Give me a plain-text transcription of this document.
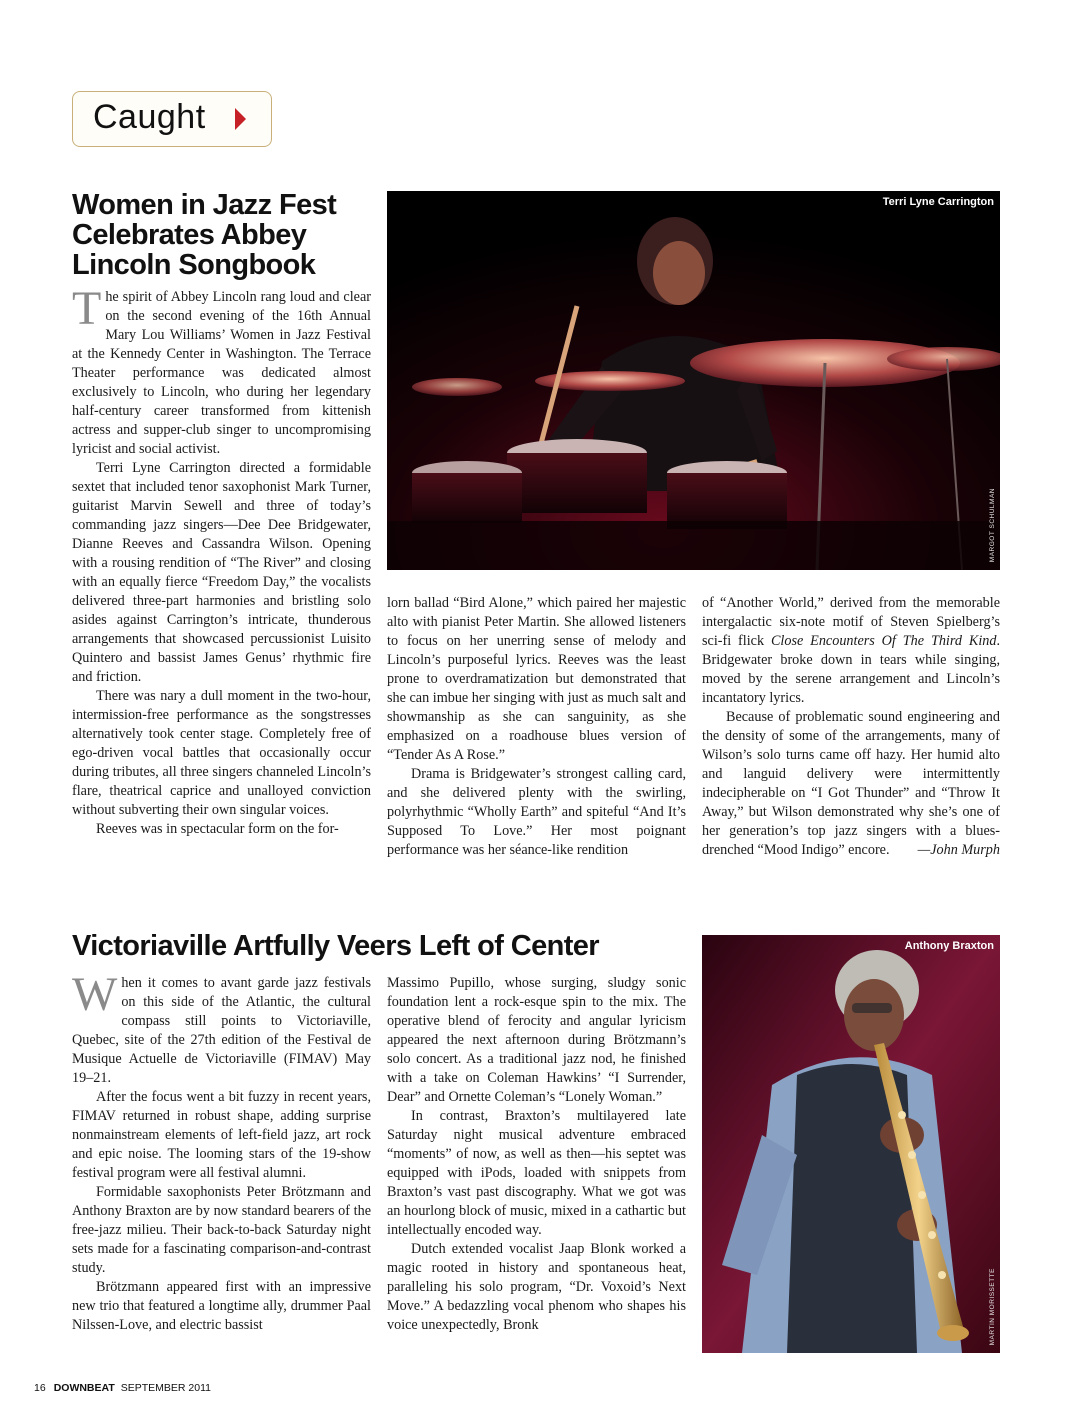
Caught
Women in Jazz Fest Celebrates Abbey Lincoln Songbook
Terri Lyne Carrington
MARGOT SCHULMAN

The spirit of Abbey Lincoln rang loud and clear on the second evening of the 16th Annual Mary Lou Williams’ Women in Jazz Festival at the Kennedy Center in Washington. The Terrace Theater performance was dedicated almost exclusively to Lincoln, who during her legendary half-century career transformed from kittenish actress and supper-club singer to uncompromising lyricist and social activist.

Terri Lyne Carrington directed a formidable sextet that included tenor saxophonist Mark Turner, guitarist Marvin Sewell and three of today’s commanding jazz singers—Dee Dee Bridgewater, Dianne Reeves and Cassandra Wilson. Opening with a rousing rendition of “The River” and closing with an equally fierce “Freedom Day,” the vocalists delivered three-part harmonies and bristling solo asides against Carrington’s intricate, thunderous arrangements that showcased percussionist Luisito Quintero and bassist James Genus’ rhythmic fire and friction.

There was nary a dull moment in the two-hour, intermission-free performance as the songstresses alternatively took center stage. Completely free of ego-driven vocal battles that occasionally occur during tributes, all three singers channeled Lincoln’s flare, theatrical caprice and unalloyed conviction without subverting their own singular voices.

Reeves was in spectacular form on the for-

lorn ballad “Bird Alone,” which paired her majestic alto with pianist Peter Martin. She allowed listeners to focus on her unerring sense of melody and Lincoln’s purposeful lyrics. Reeves was the least prone to overdramatization but demonstrated that she can imbue her singing with just as much salt and showmanship as she can sanguinity, as she emphasized on a roadhouse blues version of “Tender As A Rose.”

Drama is Bridgewater’s strongest calling card, and she delivered plenty with the swirling, polyrhythmic “Wholly Earth” and spiteful “And It’s Supposed To Love.” Her most poignant performance was her séance-like rendition

of “Another World,” derived from the memorable intergalactic six-note motif of Steven Spielberg’s sci-fi flick Close Encounters Of The Third Kind. Bridgewater broke down in tears while singing, moved by the serene arrangement and Lincoln’s incantatory lyrics.

Because of problematic sound engineering and the density of some of the arrangements, many of Wilson’s solo turns came off hazy. Her humid alto and languid delivery were intermittently indecipherable on “I Got Thunder” and “Throw It Away,” but Wilson demonstrated why she’s one of her generation’s top jazz singers with a blues-drenched “Mood Indigo” encore.	—John Murph

Victoriaville Artfully Veers Left of Center	Anthony Braxton
MARTIN MORISSETTE

When it comes to avant garde jazz festivals on this side of the Atlantic, the cultural compass still points to Victoriaville, Quebec, site of the 27th edition of the Festival de Musique Actuelle de Victoriaville (FIMAV) May 19–21.

After the focus went a bit fuzzy in recent years, FIMAV returned in robust shape, adding surprise nonmainstream elements of left-field jazz, art rock and epic noise. The looming stars of the 19-show festival program were all festival alumni.

Formidable saxophonists Peter Brötzmann and Anthony Braxton are by now standard bearers of the free-jazz milieu. Their back-to-back Saturday night sets made for a fascinating comparison-and-contrast study.

Brötzmann appeared first with an impressive new trio that featured a longtime ally, drummer Paal Nilssen-Love, and electric bassist

Massimo Pupillo, whose surging, sludgy sonic foundation lent a rock-esque spin to the mix. The operative blend of ferocity and angular lyricism appeared the next afternoon during Brötzmann’s solo concert. As a traditional jazz nod, he finished with a take on Coleman Hawkins’ “I Surrender, Dear” and Ornette Coleman’s “Lonely Woman.”

In contrast, Braxton’s multilayered late Saturday night musical adventure embraced “moments” of now, as well as then—his septet was equipped with iPods, loaded with snippets from Braxton’s vast past discography. What we got was an hourlong block of music, mixed in a cathartic but intellectually encoded way.

Dutch extended vocalist Jaap Blonk worked a magic rooted in history and spontaneous heat, paralleling his solo program, “Dr. Voxoid’s Next Move.” A bedazzling vocal phenom who shapes his voice unexpectedly, Bronk

16 DOWNBEAT SEPTEMBER 2011
